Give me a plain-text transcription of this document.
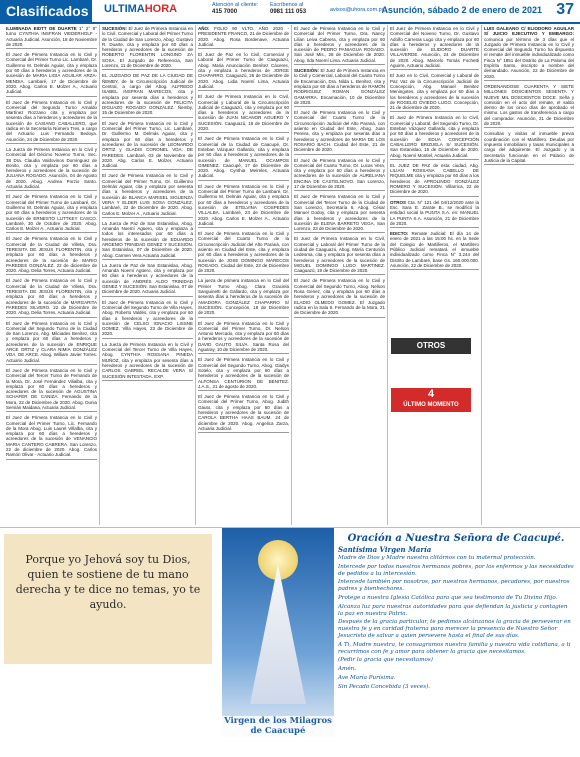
Clasificados	ULTIMAHORA	Atención al cliente:
415 7000
Escríbenos al
0981 111 053	avisos@uhora.com.py
Asunción, sábado 2 de enero de 2021 37

ILUMINADA EIDTT DE DUARTE 1° 2° 8° turno CYNTHIA INSFRAN VIEDERHOLF - Actuaría Judicial. Asunción, 18 de Noviembre de 2020.

El Juez de Primera Instancia en lo Civil y Comercial del Primer Turno Lic. Lambaré, Dr. Guillermo M. Delmás Aguiar, cita y emplaza por 60 días a herederos y acreedores de la sucesión de MARIA LIGIA AGUILAR ARZA-MENDIA. Lambaré, 17 de Diciembre de 2020. Abog. Carlos E. Molzer A., Actuario Judicial.

El Juez de Primera Instancia en lo Civil y Comercial del Segundo Turno Arnaldo Martínez Rozzano cita y emplaza por sesenta días a herederos y acreedores de la sucesión de CASIANO CABALLERO, que radica en la Secretaría Número Tres, a cargo del Actuario Luis Fernando Bedoya. Asunción, 24 de Diciembre de 2020.

La Jueza de Primera Instancia en lo Civil y Comercial del Décimo Noveno Turno, Sec. 38 Dra. Claudia Valdovinos Domínguez de Bonito, cita y emplaza por 60 días a herederos y acreedores de la sucesión de JULIANA ROGADO. Asunción, 04 de Agosto de 2020. Abog. Andrea Porzio Santo. Actuaria Judicial.

El Juez de Primera Instancia en lo Civil y Comercial del Primer Turno de Lambaré, Dr. Guillermo M. Delmás Aguiar, cita y emplaza por 60 días a herederos y acreedores de la sucesión de ERNESTO LUTTKEY CASCO. Lambaré, 30 de Octubre de 2020. Abog. Carlos E. Molzer A., Actuario Judicial.

El Juez de Primera Instancia en lo Civil y Comercial de la Ciudad de Villeta, Dra. TERESITA DE JESÚS FLORENTIN, cita y emplaza por 60 días a herederos y acreedores de la sucesión de MARIO PAREDES GONZÁLEZ. 22 de diciembre de 2020. Abog. Delia Torres, Actuaria Judicial.

El Juez de Primera Instancia en lo Civil y Comercial de la Ciudad de Villeta, Dra. TERESITA DE JESÚS FLORENTIN, cita y emplaza por 60 días a herederos y acreedores de la sucesión de MARGARITA PAREDES SILVERO. 22 de Diciembre de 2020. Abog. Delia Torres, Actuaria Judicial.

El Juez de Primera Instancia en lo Civil y Comercial del Segundo Turno de la Ciudad de San Lorenzo, Abg. Milciades Benítez, cita y emplaza por 60 días a herederos y acreedores de la sucesión de ENRIQUE ARCE ORTIZ y CLARA NIMIA GONZÁLEZ VDA. DE ARCE. Abog. William Javier Torres. Actuario Judicial.

El Juez de Primera Instancia en lo Civil y Comercial del Tercer Turno de Fernando de la Mora, Dr. José Fernández Vilialba, cita y emplaza por 60 días a herederos y acreedores de la sucesión de AGUSTINA SCHAFER DE CANIZA. Fernando de la Mora, 22 de Diciembre de 2020. Abog. Dunia Servián Maidana, Actuaria Judicial.

El Juez de Primera Instancia en lo Civil y Comercial del Primer Turno, Lic. Fernando de la Mora Abog. Luis Laurel Villalba, cita y emplaza por 60 días a herederos y acreedores de la sucesión de VENANCIO MARIA CANTERO CABRERA. San Lorenzo, 22 de diciembre de 2020. Abog. Carlos Ramón Olivar - Actuario Judicial.

SUCESIÓN: El Juez de Primera Instancia en lo Civil, Comercial y Laboral del Primer Turno de la Ciudad de San Lorenzo, Abog. Gustavo R. Duarte, cita y emplaza por 60 días a herederos y acreedores de la sucesión de ROBERTO FLORENTIN LONGINO ZA SOSA. El Juzgado de Referencia, San Lorenzo, 11 de Diciembre de 2020.

EL JUZGADO DE PAZ DE LA CIUDAD DE ÑEMBY, de la Circunscripción Judicial de Central, a cargo del Abog. ALFREDO ISABEL INSFRAN MARECOS, cita y emplaza por sesenta días a herederos y acreedores de la sucesión de FELICITA DIGUAZO ROGADO GONZÁLEZ. Ñemby, 15 de Diciembre de 2020.

El Juez de Primera Instancia en lo Civil y Comercial del Primer Turno, Lic. Lambaré, Dr. Guillermo M. Delmás Aguiar, cita y emplaza por 60 días a herederos y acreedores de la sucesión de LEONARDO ORTIZ y GLADIS CORONEL VDA. DE PAREDES. Lambaré, 03 de Noviembre de 2020. Abg. Carlos E. Molzer, Actuario Judicial.

El Juez de Primera Instancia en lo Civil y Comercial del Primer Turno, Dr. Guillermo Delmás Aguiar, cita y emplaza por sesenta días a herederos y acreedores de la sucesión de BLANCA MARISEL SIGUENZA VERA Y ELDER LUIS SOSA GONZÁLEZ. Lambaré, 22 de Diciembre de 2020. Abog. Carlos E. Molzer A., Actuario Judicial.

La Jueza de Paz de San Estanislao, Abog. Amanda Noemí Agüero, cita y emplaza a todos los interesados por 60 días a herederos de la sucesión de EDUARDO ARGENIO TRINIDAD GENEZ Y SUCESIÓN. San Estanislao, 07 de Diciembre de 2020. Abog. Carmen Vera Actuaria Judicial.

La Jueza de Paz de San Estanislao, Abog. Amanda Noemí Agüero, cita y emplaza por 60 días a herederos y acreedores de la sucesión de ANDRÉS ALDO TRINIDAD GENEZ Y SUCESIÓN. San Estanislao, 07 de Diciembre de 2020. Actuaria Judicial.

El Juez de Primera Instancia en lo Civil y Comercial del Segundo Turno de Villa Hayes, Abog. Roberto Valdés, cita y emplaza por 60 días a herederos y acreedores de la sucesión de CELSO IGNACIO LISSNE GOMEZ. Villa Hayes, 23 de Diciembre de 2020.

La Jueza de Primera Instancia en lo Civil y Comercial del Tercer Turno de Villa Hayes, Abog. CYNTHIA ROSSANA PINEDA MUÑOZ, cita y emplaza por sesenta días a herederos y acreedores de la sucesión de CARLOS GABRIEL RECALDE VERA S/ SUCESIÓN INTESTADA. EXP.

AÑO: FOLIO 90 VLTO. AÑO 2020 - PRESIDENTE FRANCO, 21 de Diciembre de 2020. Abog. Rosa Bordenave, Actuaria Judicial.

El Juez de Paz en lo Civil, Comercial y Laboral del Primer Turno de Caaguazú, Abog. Maria Anunciación Benítez Cáceres, cita y emplaza a herederos de JORGE CHAPARRO. Caaguazú, 26 de Diciembre de 2020. Abog. Lidia Noemí Lima, Actuaria Judicial.

El Juez de Primera Instancia en lo Civil, Comercial y Laboral de la Circunscripción Judicial de Caaguazú, cita y emplaza por 60 días a herederos y acreedores de la sucesión de JUAN NICANOR AGUERO Y SUCESIÓN. Caaguazú, 18 de Diciembre de 2020.

El Juez de Primera Instancia en lo Civil y Comercial de la Ciudad de Caacupé, Dr. Esteban Vázquez Gallardo, cita y emplaza por 60 días a herederos y acreedores de la sucesión de MANUEL OCAMPOS GIMENEZ. Caacupé, 17 de Diciembre de 2020. Abog. Cynthia Meireles, Actuaria Judicial.

El Juez de Primera Instancia en lo Civil y Comercial del Primer Turno de Lambaré, Dr. Guillermo M. Delmás Aguiar, cita y emplaza por 60 días a herederos y acreedores de la sucesión de ETELVINA COSPEDES VILLALBA. Lambaré, 23 de Diciembre de 2020. Abog. Carlos E. Molzer A., Actuario Judicial.

El Juez de Primera Instancia en lo Civil y Comercial del Cuarto Turno de la Circunscripción Judicial del Alto Paraná, con asiento en Ciudad del Este, cita y emplaza por 60 días a herederos y acreedores de la sucesión de JOSE DOMINGO MARECOS ROGADO. Ciudad del Este, 23 de Diciembre de 2020.

La jueza de primera instancia en lo Civil del Primer Turno Abog. Clara Graciela Sanguinetti de Gallardo, cita y emplaza por sesenta días a herederos de la sucesión de AMADORA GONZÁLEZ CHAPARRO S/ SUCESIÓN. Concepción, 18 de Diciembre de 2020.

El Juez de Primera Instancia en lo Civil y Comercial del Primer Turno, Dr. Nelson Antonio Mercado, cita y emplaza por 60 días a herederos y acreedores de la sucesión de DAVID GAUTO SILVA. Santa Rosa del Aguaray, 10 de Diciembre de 2020.

El Juez de Primera Instancia en lo Civil y Comercial del Segundo Turno, Abog. Gladys Sotelo, cita y emplaza por 60 días a herederos y acreedores de la sucesión de ALFONSA CENTURION DE BENITEZ. J.A.S., 21 de agosto de 2020.

El Juez de Primera Instancia en lo Civil y Comercial del Primer Turno, Abog. Judith Gauto, cita y emplaza por 60 días a herederos y acreedores de la sucesión de CAROLA BERTHA HAAS BAUM. 24 de diciembre de 2020. Abog. Angelica Zarza, Actuaria Judicial.

El Juez de Primera Instancia en lo Civil y Comercial del Primer Turno, Dra. Nancy Lilian Leiva Cabrera, cita y emplaza por 60 días a herederos y acreedores de la sucesión de PEDRO PANIAGUA ROGADO. San José Mis., 28 de Diciembre de 2020. Abog. Ilda Noemí Lima. Actuaria Judicial.

SUCESIÓN: El Juez de Primera Instancia en lo Civil y Comercial, Laboral del Cuarto Turno de Encarnación, Dra. Nilda L. Benítez, cita y emplaza por 60 días a herederos de RAMÓN RODRIGUEZ ROMAN GONZÁLEZ GAMARRA. Encarnación, 10 de Diciembre de 2020.

El Juez de Primera Instancia en lo Civil y Comercial del Cuarto Turno de la Circunscripción Judicial del Alto Paraná, con asiento en Ciudad del Este, Abog. Juan Pereira, cita y emplaza por sesenta días a herederos y acreedores de MARIA DE LOS ROSARIO BACH. Ciudad del Este, 21 de Diciembre de 2020.

El Juez de Primera Instancia en lo Civil y Comercial del Cuarto Turno, Dr. Lucas Vera, cita y emplaza por 60 días a herederos y acreedores de la sucesión de AURELIANA ENCINA DE CASTELNOVO. San Lorenzo, 17 de Diciembre de 2020.

El Juez de Primera Instancia en lo Civil y Comercial del Tercer Turno de la Ciudad de San Lorenzo, Secretaría 6, Abog. César Manuel Godoy, cita y emplaza por sesenta días a herederos y acreedores de la sucesión de ELENA BARRETO VEGA. San Lorenzo, 23 de Diciembre de 2020.

El Juez de Primera Instancia en lo Civil, Comercial y Laboral del Primer Turno de la ciudad de Caaguazú, Abog. María Centurión Ledesma, cita y emplaza por sesenta días a herederos y acreedores de la sucesión de MIGUEL DOMINGO LUGO MARTINEZ. Caaguazú, 19 de Diciembre de 2020.

El Juez de Primera Instancia en lo Civil y Comercial del Segundo Turno, Abog. Nelson Rosa Genez, cita y emplaza por 60 días a herederos y acreedores de la sucesión de ELADIO OLMEDO GOMEZ. El Juzgado radica en la Sala 9. Fernando de la Mora, 21 de Diciembre de 2020.

El Juez de Primera Instancia en lo Civil y Comercial del Noveno Turno, Dr. Gustavo Adolfo Carreras Lugo cita y emplaza por 60 días a herederos y acreedores de la sucesión de ELIDORO DUARTE VILLAVERDE. Asunción, 24 de Diciembre de 2020. Abog. Marcelo Tomás Fochetti Aguirre, Actuario Judicial.

El Juez en lo Civil, Comercial y Laboral de Paz Vaz de la Circunscripción Judicial de Concepción, Abg. Manuel Benitez Meningotes, cita y emplaza por 60 días a los herederos y acreedores de la sucesión de ROGELIO OVIEDO LUGO. Concepción, 21 de diciembre de 2020.

El Juez de Primera Instancia en lo Civil, Comercial y Laboral, del Segundo Turno, Dr. Esteban Vázquez Gallardo, cita y emplaza por 60 días a herederos y acreedores de la sucesión de EDUA CONCEPCIÓN CABALLERO BRIZUELA S/ SUCESIÓN. San Estanislao, 15 de Diciembre de 2020. Abog. Noemí Montiel, Actuaria Judicial.

EL JUEZ DE PAZ de esta ciudad, Abg. LILIAN ROSSANA CABELLO DE RIQUELME cita y emplaza por 60 días a los herederos de APROLINDO GONZÁLEZ ROMERO Y SUCESIÓN. Villarrica, 22 de Diciembre de 2020.

OTROS Cta. N° 121 del 04/12/2020 ante la Esc. Sara E. Zarate B., se modificó la entidad social la PUNTA S.A. en: MANUEL LA PUNTA S.A. Asunción, 21 de Diciembre de 2020.

EDICTO: Remate Judicial: El día 14 de enero de 2021 a las 15:00 hs. en la Sede del Colegio de Martilleros, el Martillero Público Judicial rematará el inmueble individualizado como Finca N° 3.244 del Distrito de Lambaré, base Gs. 160.000.000. Asunción, 22 de Diciembre de 2020.

LUIS GALEANO C/ ELIODORO AGUILAR S/ JUICIO EJECUTIVO Y EMBARGO: comunica por término de 3 días que el Juzgado de Primera Instancia en lo Civil y Comercial del Segundo Turno ha dispuesto el remate del inmueble individualizado como Finca N° 1851 del Distrito de La Paloma del Espíritu Santo, inscripto a nombre del demandado. Asunción, 22 de Diciembre de 2020.

ORDENANDOSE CUARENTA Y SIETE MILLONES DOSCIENTOS SESENTA Y NUEVE MIL DOSCIENTOS DOCE. Seña y comisión en el acto del remate, el saldo dentro de los cinco días de aprobado el mismo. Los gastos de transferencia a cargo del comprador. Asunción, 21 de Diciembre de 2020.

Consultas y visitas al inmueble previa coordinación con el Martillero. Deudas por impuesto inmobiliario y tasas municipales a cargo del adquirente. El Juzgado y la Secretaría funcionan en el Palacio de Justicia de la Capital.

OTROS
4
ÚLTIMO MOMENTO
Porque yo Jehová soy tu Dios, quien te sostiene de tu mano derecha y te dice no temas, yo te ayudo.
Virgen de los Milagros de Caacupé
Oración a Nuestra Señora de Caacupé.
Santísima Virgen María

Madre de Dios y Madre nuestra clitórnos con tu maternal protección.

Intercede por todos nuestros hermanos pobres, por los enfermos y las necesidades de pedidos a tu intercesión.

Intercede también por nosotros, por nuestros hermanos, pecadores, por nuestros padres y bienhechores.

Protege a nuestra Iglesia Católica para que sea testimonio de Tu Divino Hijo.

Alcanza luz para nuestras autoridades para que defiendan la justicia y contagien la paz en nuestra Patria.

Después de la gracia particular, te pedimos alcánzanos la gracia de perseverar en nuestra fe y en caridad fraterna para merecer la presencia de Nuestro Señor Jesucristo de salvar a quien persevere hasta el final de sus días.

A Ti, Madre nuestra, te consagramos nuestra familia y nuestra vida cotidiana, a ti recurrimos con fe y amor para obtener la gracia que necesitamos.

(Pedir la gracia que necesitamos)

Amén.

Ave María Purísima.

Sin Pecado Concebida (3 veces).
